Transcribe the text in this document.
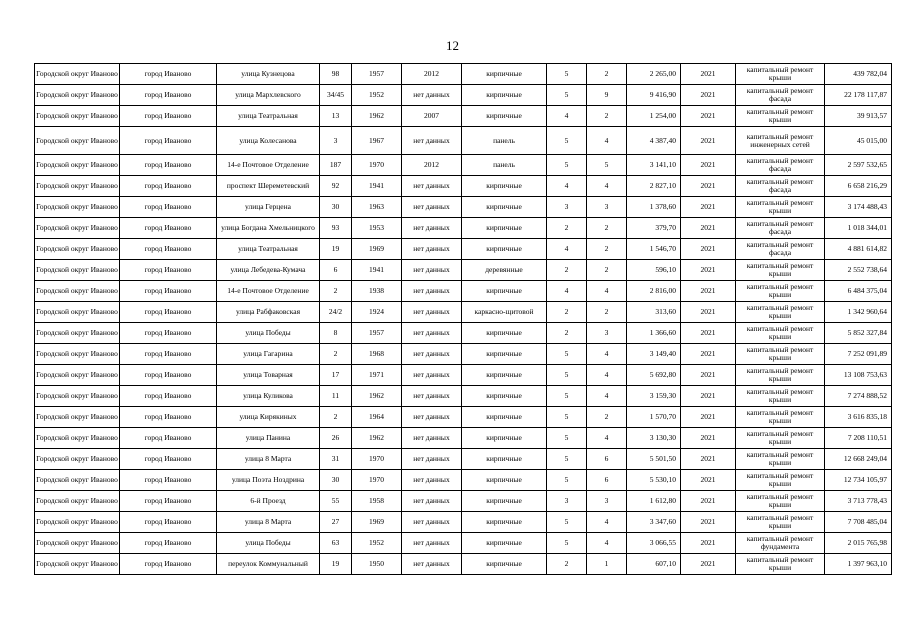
12
Городской округ Иваново	город Иваново	улица Кузнецова	98	1957	2012	кирпичные	5	2	2 265,00	2021	капитальный ремонт крыши	439 782,04
Городской округ Иваново	город Иваново	улица Мархлевского	34/45	1952	нет данных	кирпичные	5	9	9 416,90	2021	капитальный ремонт фасада	22 178 117,87
Городской округ Иваново	город Иваново	улица Театральная	13	1962	2007	кирпичные	4	2	1 254,00	2021	капитальный ремонт крыши	39 913,57
Городской округ Иваново	город Иваново	улица Колесанова	3	1967	нет данных	панель	5	4	4 387,40	2021	капитальный ремонт инженерных сетей	45 015,00
Городской округ Иваново	город Иваново	14-е Почтовое Отделение	187	1970	2012	панель	5	5	3 141,10	2021	капитальный ремонт фасада	2 597 532,65
Городской округ Иваново	город Иваново	проспект Шереметевский	92	1941	нет данных	кирпичные	4	4	2 827,10	2021	капитальный ремонт фасада	6 658 216,29
Городской округ Иваново	город Иваново	улица Герцена	30	1963	нет данных	кирпичные	3	3	1 378,60	2021	капитальный ремонт крыши	3 174 488,43
Городской округ Иваново	город Иваново	улица Богдана Хмельницкого	93	1953	нет данных	кирпичные	2	2	379,70	2021	капитальный ремонт фасада	1 018 344,01
Городской округ Иваново	город Иваново	улица Театральная	19	1969	нет данных	кирпичные	4	2	1 546,70	2021	капитальный ремонт фасада	4 881 614,82
Городской округ Иваново	город Иваново	улица Лебедева-Кумача	6	1941	нет данных	деревянные	2	2	596,10	2021	капитальный ремонт крыши	2 552 738,64
Городской округ Иваново	город Иваново	14-е Почтовое Отделение	2	1938	нет данных	кирпичные	4	4	2 816,00	2021	капитальный ремонт крыши	6 484 375,04
Городской округ Иваново	город Иваново	улица Рабфаковская	24/2	1924	нет данных	каркасно-щитовой	2	2	313,60	2021	капитальный ремонт крыши	1 342 960,64
Городской округ Иваново	город Иваново	улица Победы	8	1957	нет данных	кирпичные	2	3	1 366,60	2021	капитальный ремонт крыши	5 852 327,84
Городской округ Иваново	город Иваново	улица Гагарина	2	1968	нет данных	кирпичные	5	4	3 149,40	2021	капитальный ремонт крыши	7 252 091,89
Городской округ Иваново	город Иваново	улица Товарная	17	1971	нет данных	кирпичные	5	4	5 692,80	2021	капитальный ремонт крыши	13 108 753,63
Городской округ Иваново	город Иваново	улица Куликова	11	1962	нет данных	кирпичные	5	4	3 159,30	2021	капитальный ремонт крыши	7 274 888,52
Городской округ Иваново	город Иваново	улица Кирякиных	2	1964	нет данных	кирпичные	5	2	1 570,70	2021	капитальный ремонт крыши	3 616 835,18
Городской округ Иваново	город Иваново	улица Панина	26	1962	нет данных	кирпичные	5	4	3 130,30	2021	капитальный ремонт крыши	7 208 110,51
Городской округ Иваново	город Иваново	улица 8 Марта	31	1970	нет данных	кирпичные	5	6	5 501,50	2021	капитальный ремонт крыши	12 668 249,04
Городской округ Иваново	город Иваново	улица Поэта Ноздрина	30	1970	нет данных	кирпичные	5	6	5 530,10	2021	капитальный ремонт крыши	12 734 105,97
Городской округ Иваново	город Иваново	6-й Проезд	55	1958	нет данных	кирпичные	3	3	1 612,80	2021	капитальный ремонт крыши	3 713 778,43
Городской округ Иваново	город Иваново	улица 8 Марта	27	1969	нет данных	кирпичные	5	4	3 347,60	2021	капитальный ремонт крыши	7 708 485,04
Городской округ Иваново	город Иваново	улица Победы	63	1952	нет данных	кирпичные	5	4	3 066,55	2021	капитальный ремонт фундамента	2 015 765,98
Городской округ Иваново	город Иваново	переулок Коммунальный	19	1950	нет данных	кирпичные	2	1	607,10	2021	капитальный ремонт крыши	1 397 963,10
